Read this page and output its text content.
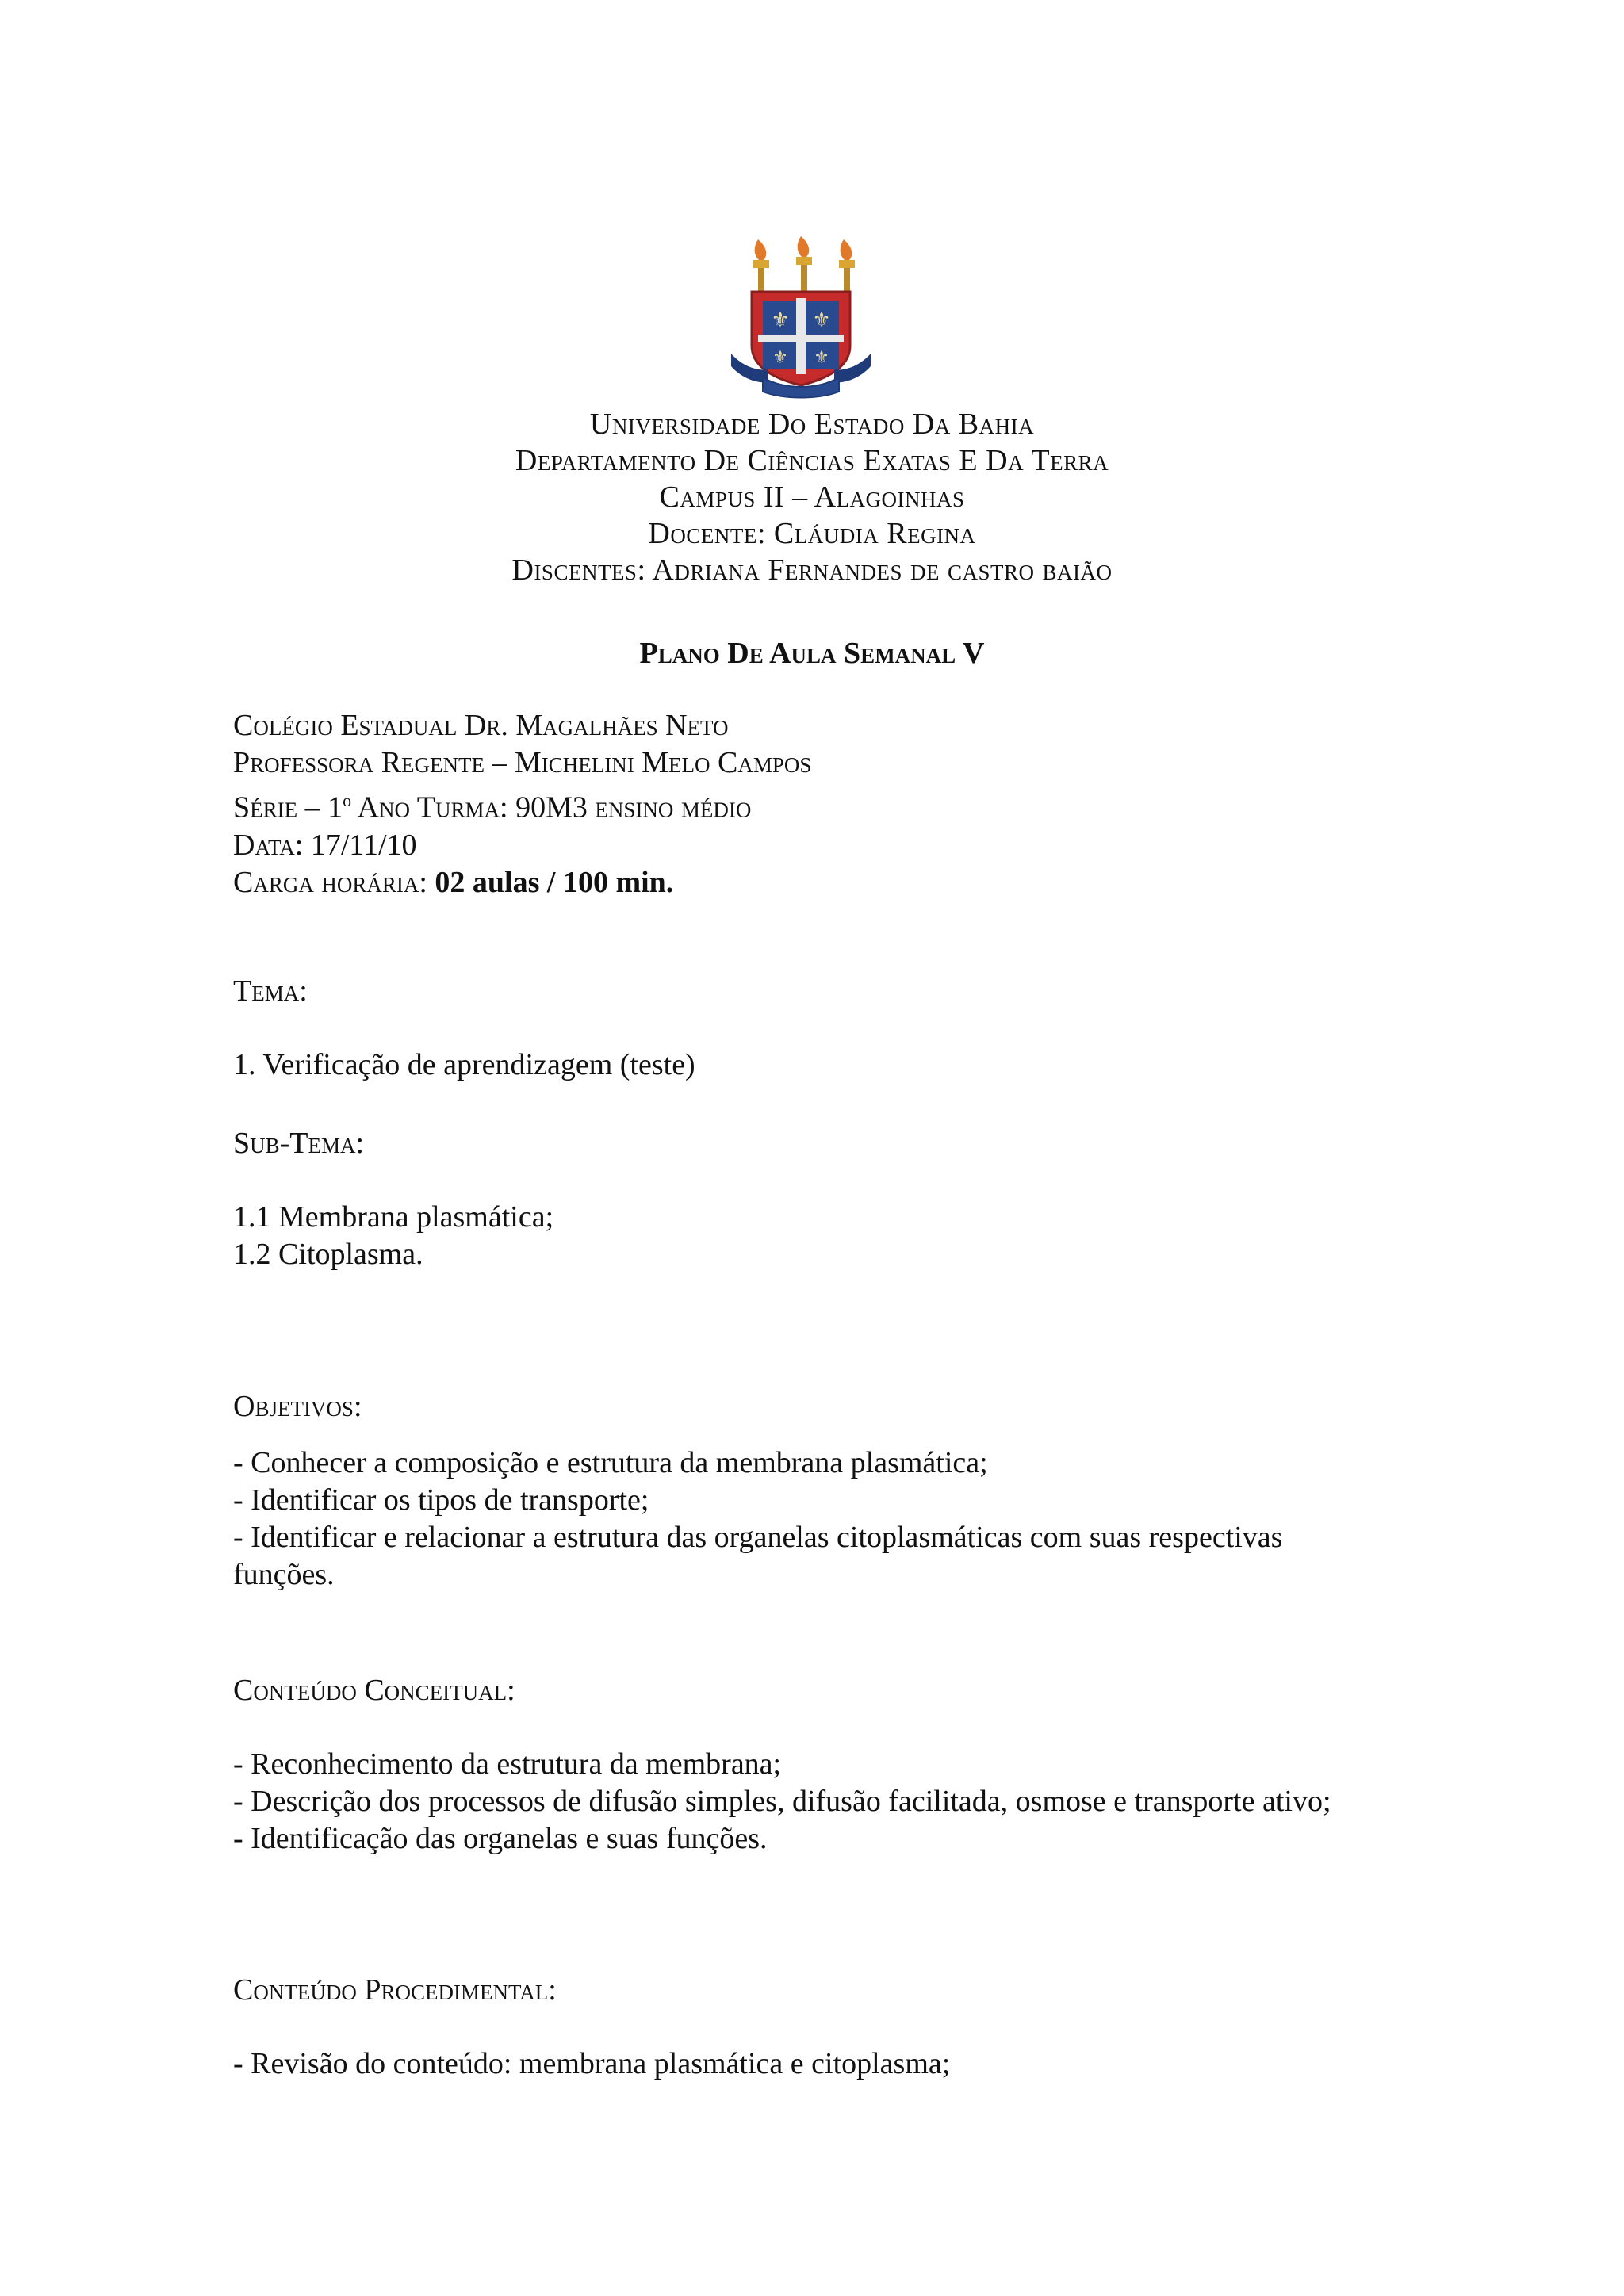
⚜ ⚜
⚜ ⚜
Universidade Do Estado Da Bahia
Departamento De Ciências Exatas E Da Terra
Campus II – Alagoinhas
Docente: Cláudia Regina
Discentes: Adriana Fernandes de castro baião
Plano De Aula Semanal V
Colégio Estadual Dr. Magalhães Neto
Professora Regente – Michelini Melo Campos
Série – 1$^o$ Ano Turma: 90M3 ensino médio
Data: 17/11/10
Carga horária: 02 aulas / 100 min.
Tema:
1. Verificação de aprendizagem (teste)
Sub-Tema:
1.1 Membrana plasmática;
1.2 Citoplasma.
Objetivos:
- Conhecer a composição e estrutura da membrana plasmática;
- Identificar os tipos de transporte;
- Identificar e relacionar a estrutura das organelas citoplasmáticas com suas respectivas funções.
Conteúdo Conceitual:
- Reconhecimento da estrutura da membrana;
- Descrição dos processos de difusão simples, difusão facilitada, osmose e transporte ativo;
- Identificação das organelas e suas funções.
Conteúdo Procedimental:
- Revisão do conteúdo: membrana plasmática e citoplasma;
